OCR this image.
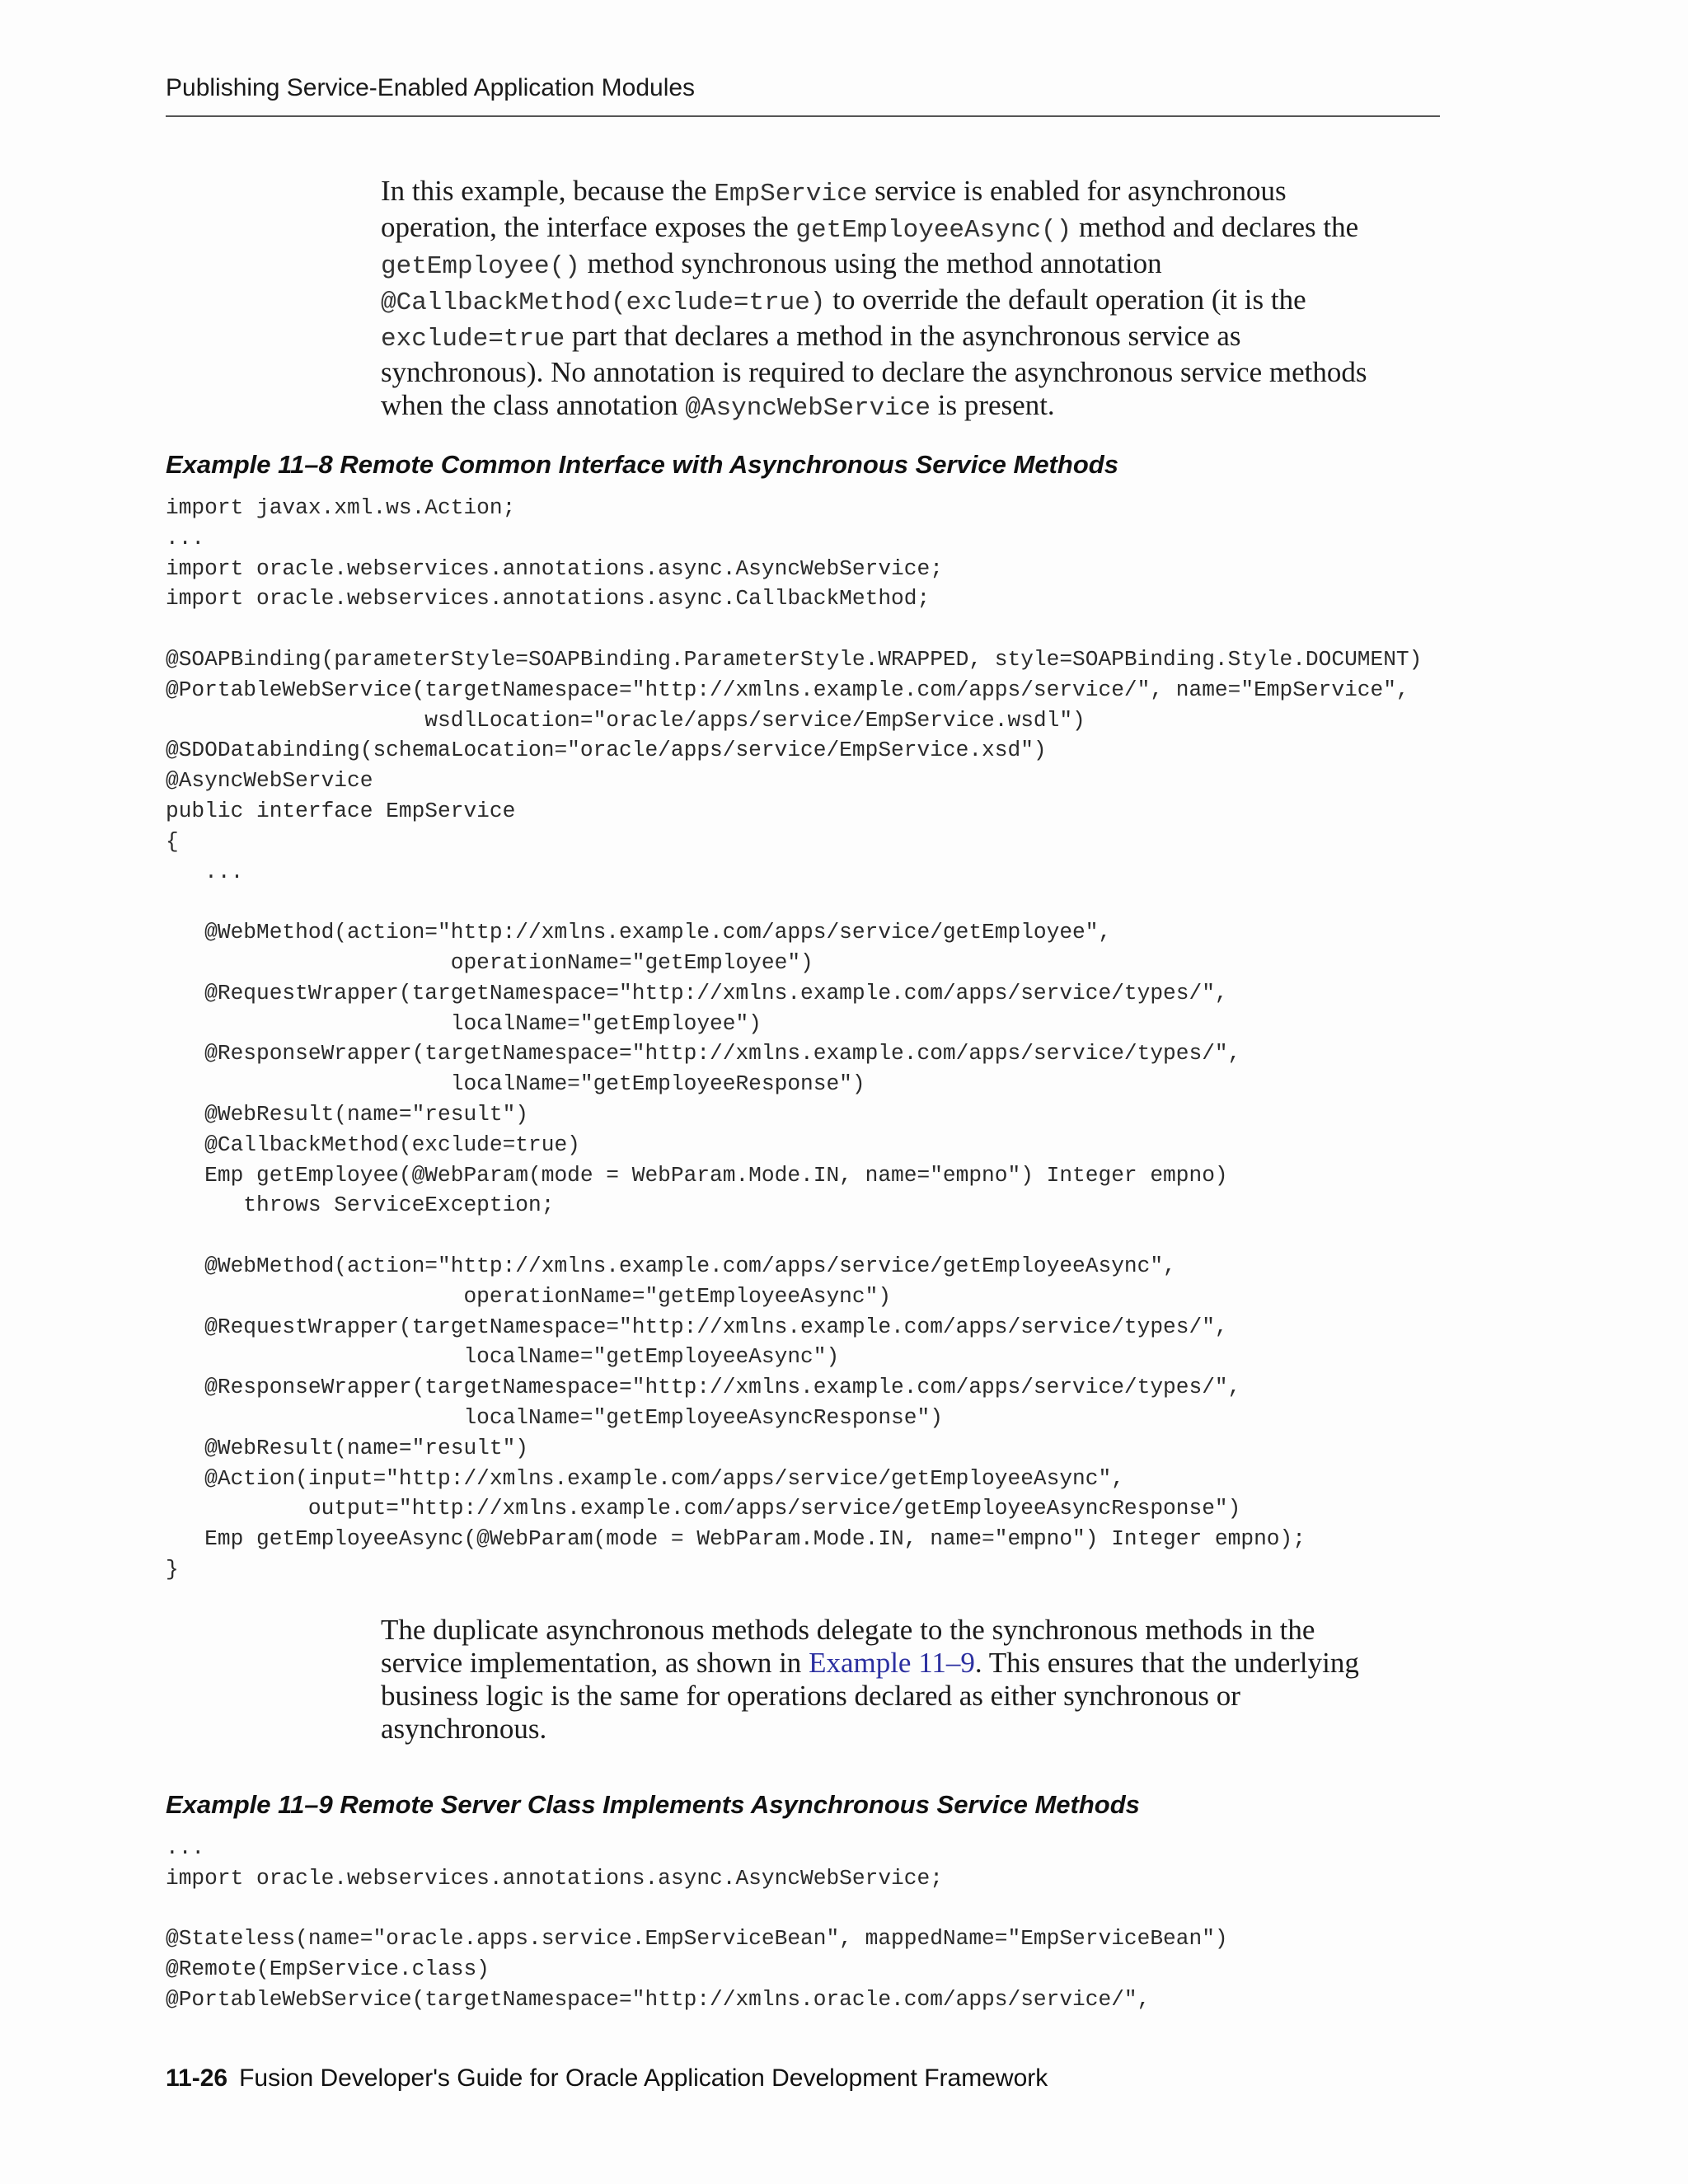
Publishing Service-Enabled Application Modules
In this example, because the EmpService service is enabled for asynchronous
operation, the interface exposes the getEmployeeAsync() method and declares the
getEmployee() method synchronous using the method annotation
@CallbackMethod(exclude=true) to override the default operation (it is the
exclude=true part that declares a method in the asynchronous service as
synchronous). No annotation is required to declare the asynchronous service methods
when the class annotation @AsyncWebService is present.
Example 11–8 Remote Common Interface with Asynchronous Service Methods
import javax.xml.ws.Action;
...
import oracle.webservices.annotations.async.AsyncWebService;
import oracle.webservices.annotations.async.CallbackMethod;
@SOAPBinding(parameterStyle=SOAPBinding.ParameterStyle.WRAPPED, style=SOAPBinding.Style.DOCUMENT)
@PortableWebService(targetNamespace="http://xmlns.example.com/apps/service/", name="EmpService",
wsdlLocation="oracle/apps/service/EmpService.wsdl")
@SDODatabinding(schemaLocation="oracle/apps/service/EmpService.xsd")
@AsyncWebService
public interface EmpService
{
...
@WebMethod(action="http://xmlns.example.com/apps/service/getEmployee",
operationName="getEmployee")
@RequestWrapper(targetNamespace="http://xmlns.example.com/apps/service/types/",
localName="getEmployee")
@ResponseWrapper(targetNamespace="http://xmlns.example.com/apps/service/types/",
localName="getEmployeeResponse")
@WebResult(name="result")
@CallbackMethod(exclude=true)
Emp getEmployee(@WebParam(mode = WebParam.Mode.IN, name="empno") Integer empno)
throws ServiceException;
@WebMethod(action="http://xmlns.example.com/apps/service/getEmployeeAsync",
operationName="getEmployeeAsync")
@RequestWrapper(targetNamespace="http://xmlns.example.com/apps/service/types/",
localName="getEmployeeAsync")
@ResponseWrapper(targetNamespace="http://xmlns.example.com/apps/service/types/",
localName="getEmployeeAsyncResponse")
@WebResult(name="result")
@Action(input="http://xmlns.example.com/apps/service/getEmployeeAsync",
output="http://xmlns.example.com/apps/service/getEmployeeAsyncResponse")
Emp getEmployeeAsync(@WebParam(mode = WebParam.Mode.IN, name="empno") Integer empno);
}
The duplicate asynchronous methods delegate to the synchronous methods in the
service implementation, as shown in Example 11–9. This ensures that the underlying
business logic is the same for operations declared as either synchronous or
asynchronous.
Example 11–9 Remote Server Class Implements Asynchronous Service Methods
...
import oracle.webservices.annotations.async.AsyncWebService;
@Stateless(name="oracle.apps.service.EmpServiceBean", mappedName="EmpServiceBean")
@Remote(EmpService.class)
@PortableWebService(targetNamespace="http://xmlns.oracle.com/apps/service/",
11-26 Fusion Developer's Guide for Oracle Application Development Framework
